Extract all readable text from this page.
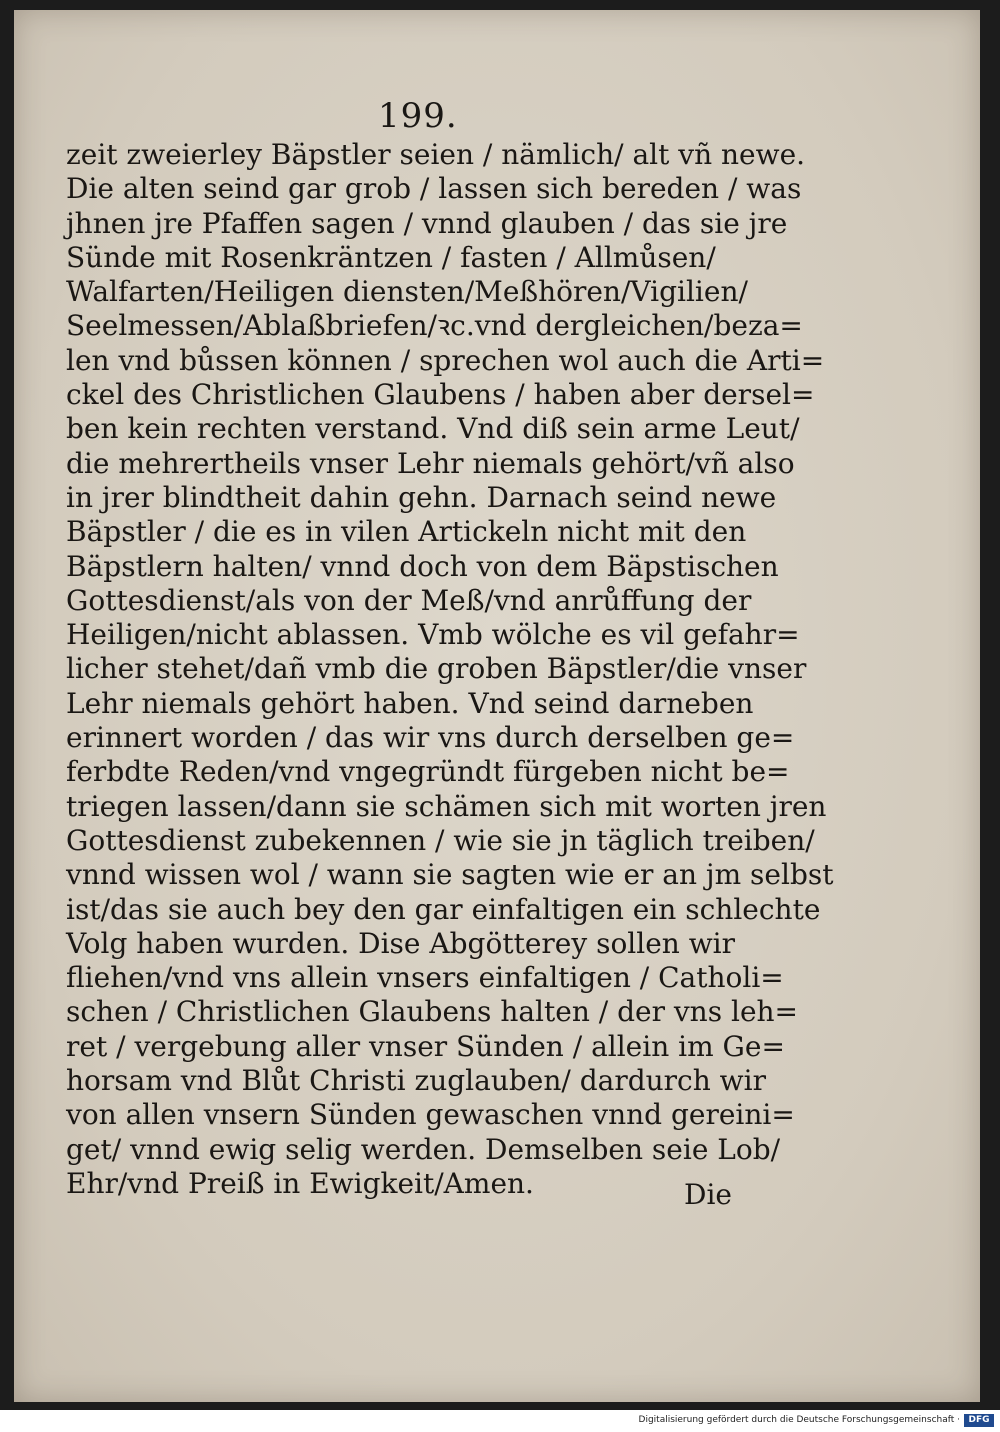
199.
zeit zweierley Bäpstler seien / nämlich/ alt vñ newe.
Die alten seind gar grob / lassen sich bereden / was
jhnen jre Pfaffen sagen / vnnd glauben / das sie jre
Sünde mit Rosenkräntzen / fasten / Allmůsen/
Walfarten/Heiligen diensten/Meßhören/Vigilien/
Seelmessen/Ablaßbriefen/ꝛc.vnd dergleichen/beza=
len vnd bůssen können / sprechen wol auch die Arti=
ckel des Christlichen Glaubens / haben aber dersel=
ben kein rechten verstand. Vnd diß sein arme Leut/
die mehrertheils vnser Lehr niemals gehört/vñ also
in jrer blindtheit dahin gehn. Darnach seind newe
Bäpstler / die es in vilen Artickeln nicht mit den
Bäpstlern halten/ vnnd doch von dem Bäpstischen
Gottesdienst/als von der Meß/vnd anrůffung der
Heiligen/nicht ablassen. Vmb wölche es vil gefahr=
licher stehet/dañ vmb die groben Bäpstler/die vnser
Lehr niemals gehört haben. Vnd seind darneben
erinnert worden / das wir vns durch derselben ge=
ferbdte Reden/vnd vngegründt fürgeben nicht be=
triegen lassen/dann sie schämen sich mit worten jren
Gottesdienst zubekennen / wie sie jn täglich treiben/
vnnd wissen wol / wann sie sagten wie er an jm selbst
ist/das sie auch bey den gar einfaltigen ein schlechte
Volg haben wurden. Dise Abgötterey sollen wir
fliehen/vnd vns allein vnsers einfaltigen / Catholi=
schen / Christlichen Glaubens halten / der vns leh=
ret / vergebung aller vnser Sünden / allein im Ge=
horsam vnd Blůt Christi zuglauben/ dardurch wir
von allen vnsern Sünden gewaschen vnnd gereini=
get/ vnnd ewig selig werden. Demselben seie Lob/
Ehr/vnd Preiß in Ewigkeit/Amen.	Die
Digitalisierung gefördert durch die Deutsche Forschungsgemeinschaft · DFG
